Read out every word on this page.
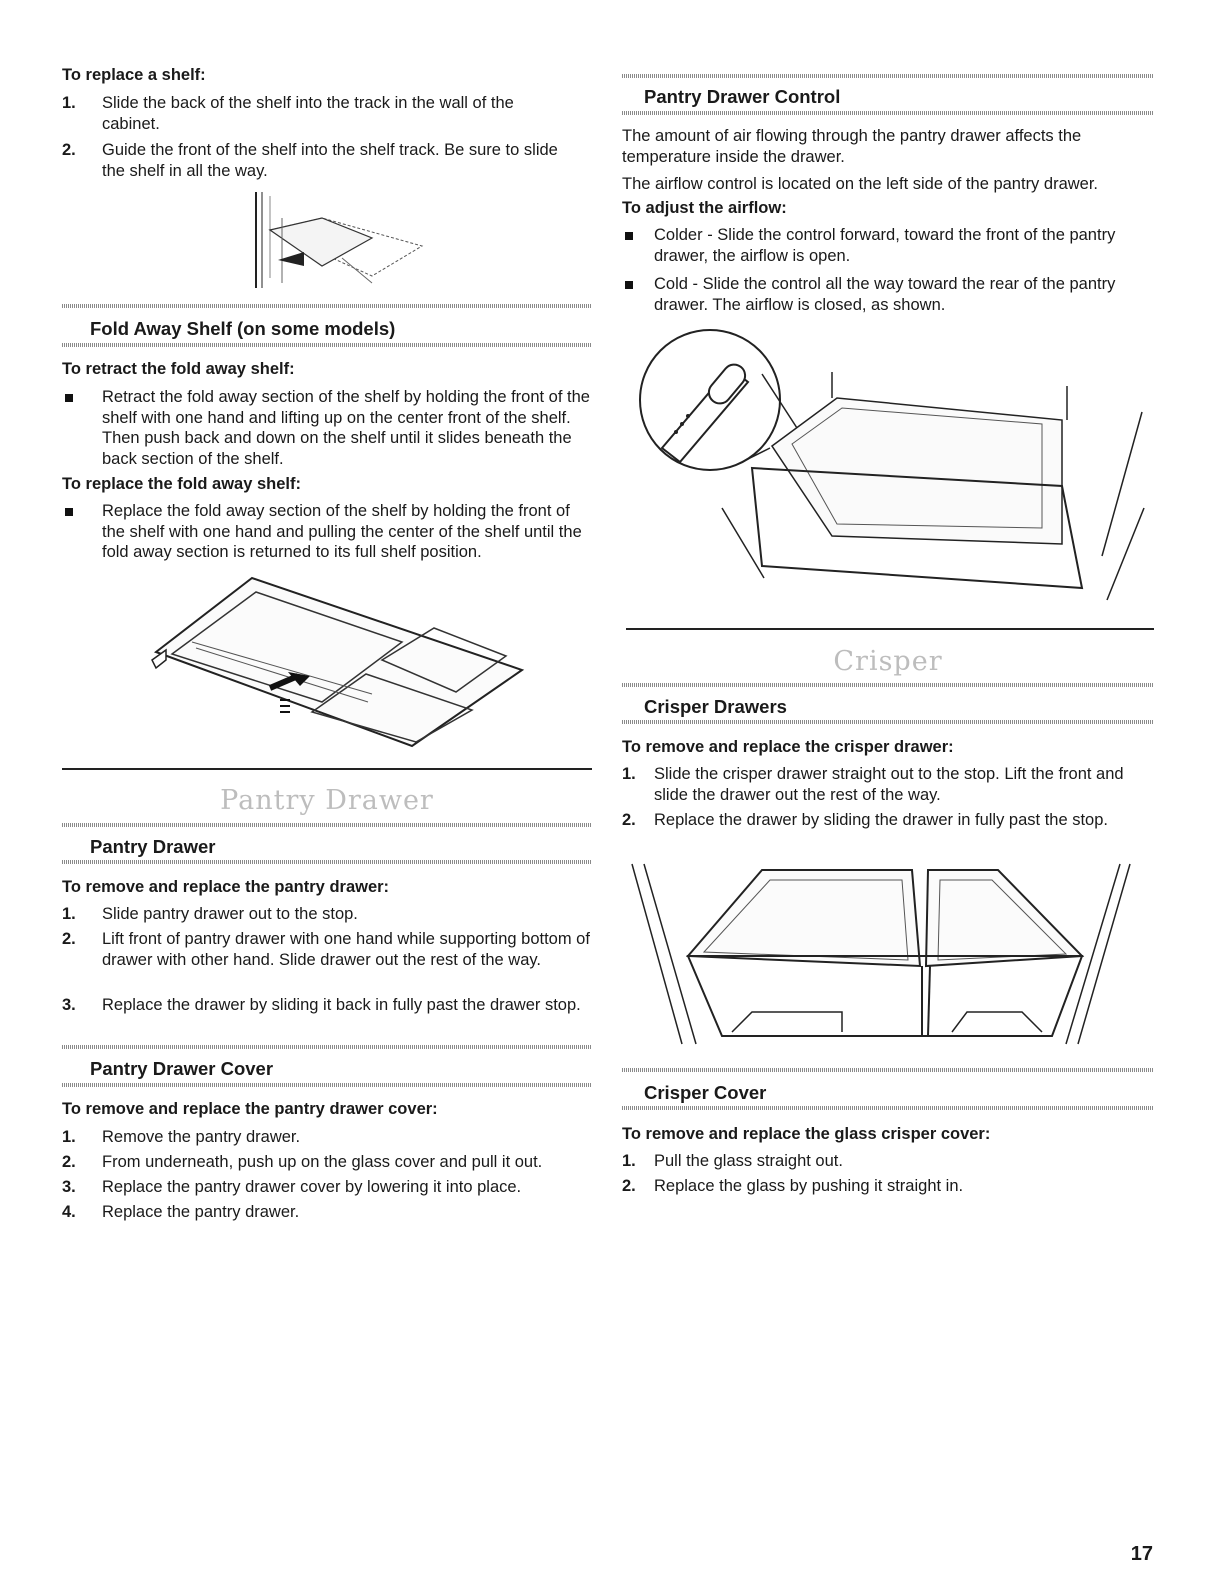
To replace a shelf:
1. Slide the back of the shelf into the track in the wall of the cabinet.
2. Guide the front of the shelf into the shelf track. Be sure to slide the shelf in all the way.
Fold Away Shelf (on some models)
To retract the fold away shelf:
Retract the fold away section of the shelf by holding the front of the shelf with one hand and lifting up on the center front of the shelf. Then push back and down on the shelf until it slides beneath the back section of the shelf.
To replace the fold away shelf:
Replace the fold away section of the shelf by holding the front of the shelf with one hand and pulling the center of the shelf until the fold away section is returned to its full shelf position.
Pantry Drawer
Pantry Drawer
To remove and replace the pantry drawer:
1. Slide pantry drawer out to the stop.
2. Lift front of pantry drawer with one hand while supporting bottom of drawer with other hand. Slide drawer out the rest of the way.
3. Replace the drawer by sliding it back in fully past the drawer stop.
Pantry Drawer Cover
To remove and replace the pantry drawer cover:
1. Remove the pantry drawer.
2. From underneath, push up on the glass cover and pull it out.
3. Replace the pantry drawer cover by lowering it into place.
4. Replace the pantry drawer.
Pantry Drawer Control
The amount of air flowing through the pantry drawer affects the temperature inside the drawer.
The airflow control is located on the left side of the pantry drawer.
To adjust the airflow:
Colder - Slide the control forward, toward the front of the pantry drawer, the airflow is open.
Cold - Slide the control all the way toward the rear of the pantry drawer. The airflow is closed, as shown.
Crisper
Crisper Drawers
To remove and replace the crisper drawer:
1. Slide the crisper drawer straight out to the stop. Lift the front and slide the drawer out the rest of the way.
2. Replace the drawer by sliding the drawer in fully past the stop.
Crisper Cover
To remove and replace the glass crisper cover:
1. Pull the glass straight out.
2. Replace the glass by pushing it straight in.
17
